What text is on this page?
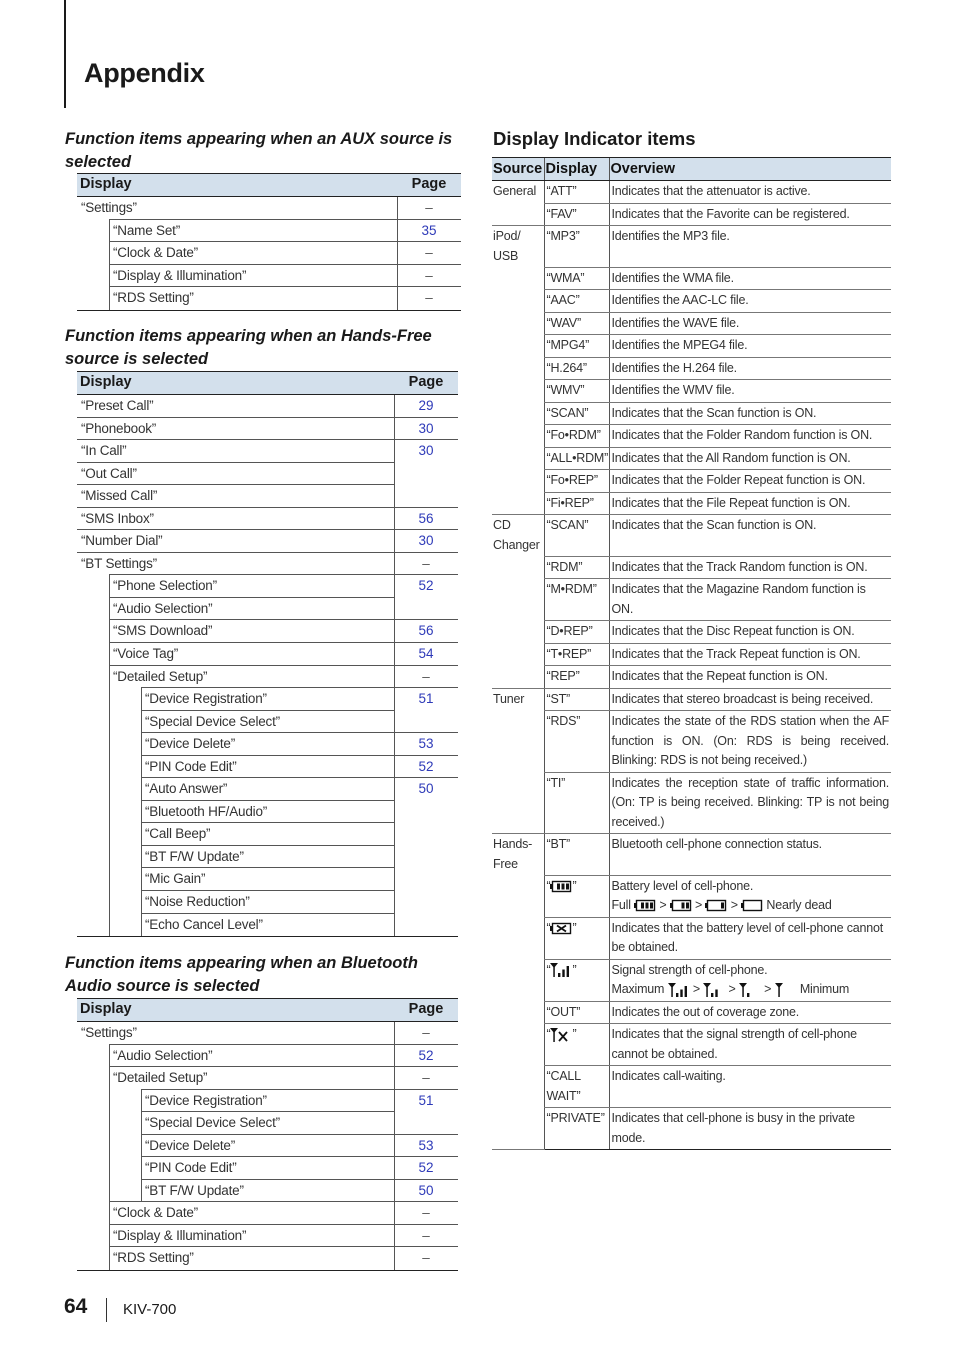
Appendix
Function items appearing when an AUX source is selected
Display	Page
“Settings”	–
“Name Set”	35
“Clock & Date”	–
“Display & Illumination”	–
“RDS Setting”	–
Function items appearing when an Hands-Free source is selected
Display	Page
“Preset Call”	29
“Phonebook”	30
“In Call”	30
“Out Call”
“Missed Call”
“SMS Inbox”	56
“Number Dial”	30
“BT Settings”	–
“Phone Selection”	52
“Audio Selection”
“SMS Download”	56
“Voice Tag”	54
“Detailed Setup”	–
“Device Registration”	51
“Special Device Select”
“Device Delete”	53
“PIN Code Edit”	52
“Auto Answer”	50
“Bluetooth HF/Audio”
“Call Beep”
“BT F/W Update”
“Mic Gain”
“Noise Reduction”
“Echo Cancel Level”
Function items appearing when an Bluetooth Audio source is selected
Display	Page
“Settings”	–
“Audio Selection”	52
“Detailed Setup”	–
“Device Registration”	51
“Special Device Select”
“Device Delete”	53
“PIN Code Edit”	52
“BT F/W Update”	50
“Clock & Date”	–
“Display & Illumination”	–
“RDS Setting”	–
Display Indicator items
Source	Display	Overview
General	“ATT”	Indicates that the attenuator is active.
	“FAV”	Indicates that the Favorite can be registered.
iPod/ USB	“MP3”	Identifies the MP3 file.
	“WMA”	Identifies the WMA file.
	“AAC”	Identifies the AAC-LC file.
	“WAV”	Identifies the WAVE file.
	“MPG4”	Identifies the MPEG4 file.
	“H.264”	Identifies the H.264 file.
	“WMV”	Identifies the WMV file.
	“SCAN”	Indicates that the Scan function is ON.
	“Fo•RDM”	Indicates that the Folder Random function is ON.
	“ALL•RDM”	Indicates that the All Random function is ON.
	“Fo•REP”	Indicates that the Folder Repeat function is ON.
	“Fi•REP”	Indicates that the File Repeat function is ON.
CD Changer	“SCAN”	Indicates that the Scan function is ON.
	“RDM”	Indicates that the Track Random function is ON.
	“M•RDM”	Indicates that the Magazine Random function is ON.
	“D•REP”	Indicates that the Disc Repeat function is ON.
	“T•REP”	Indicates that the Track Repeat function is ON.
	“REP”	Indicates that the Repeat function is ON.
Tuner	“ST”	Indicates that stereo broadcast is being received.
	“RDS”	Indicates the state of the RDS station when the AF function is ON. (On: RDS is being received. Blinking: RDS is not being received.)
	“TI”	Indicates the reception state of traffic information. (On: TP is being received. Blinking: TP is not being received.)
Hands-Free	“BT”	Bluetooth cell-phone connection status.
	“ ”	Battery level of cell-phone.
Full  >  >  >  Nearly dead
	“ ”	Indicates that the battery level of cell-phone cannot be obtained.
	“ ”	Signal strength of cell-phone.
Maximum  >  >  >  Minimum
	“OUT”	Indicates the out of coverage zone.
	“ ”	Indicates that the signal strength of cell-phone cannot be obtained.
	“CALL WAIT”	Indicates call-waiting.
	“PRIVATE”	Indicates that cell-phone is busy in the private mode.
64 KIV-700
